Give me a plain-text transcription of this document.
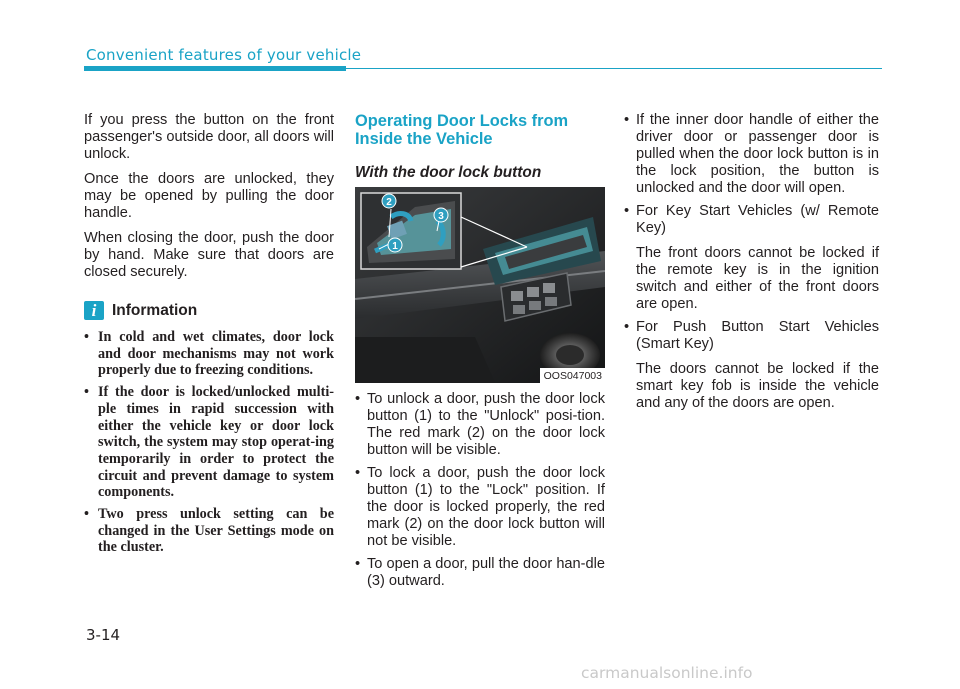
Convenient features of your vehicle

If you press the button on the front passenger's outside door, all doors will unlock.

Once the doors are unlocked, they may be opened by pulling the door handle.

When closing the door, push the door by hand. Make sure that doors are closed securely.

i	Information
• In cold and wet climates, door lock and door mechanisms may not work properly due to freezing conditions.
• If the door is locked/unlocked multi-ple times in rapid succession with either the vehicle key or door lock switch, the system may stop operat-ing temporarily in order to protect the circuit and prevent damage to system components.
• Two press unlock setting can be changed in the User Settings mode on the cluster.
Operating Door Locks from Inside the Vehicle
With the door lock button
2
1
3
OOS047003
• To unlock a door, push the door lock button (1) to the "Unlock" posi-tion. The red mark (2) on the door lock button will be visible.
• To lock a door, push the door lock button (1) to the "Lock" position. If the door is locked properly, the red mark (2) on the door lock button will not be visible.
• To open a door, pull the door han-dle (3) outward.
• If the inner door handle of either the driver door or passenger door is pulled when the door lock button is in the lock position, the button is unlocked and the door will open.
• For Key Start Vehicles (w/ Remote Key)
The front doors cannot be locked if the remote key is in the ignition switch and either of the front doors are open.
• For Push Button Start Vehicles (Smart Key)
The doors cannot be locked if the smart key fob is inside the vehicle and any of the doors are open.
3-14
carmanualsonline.info
